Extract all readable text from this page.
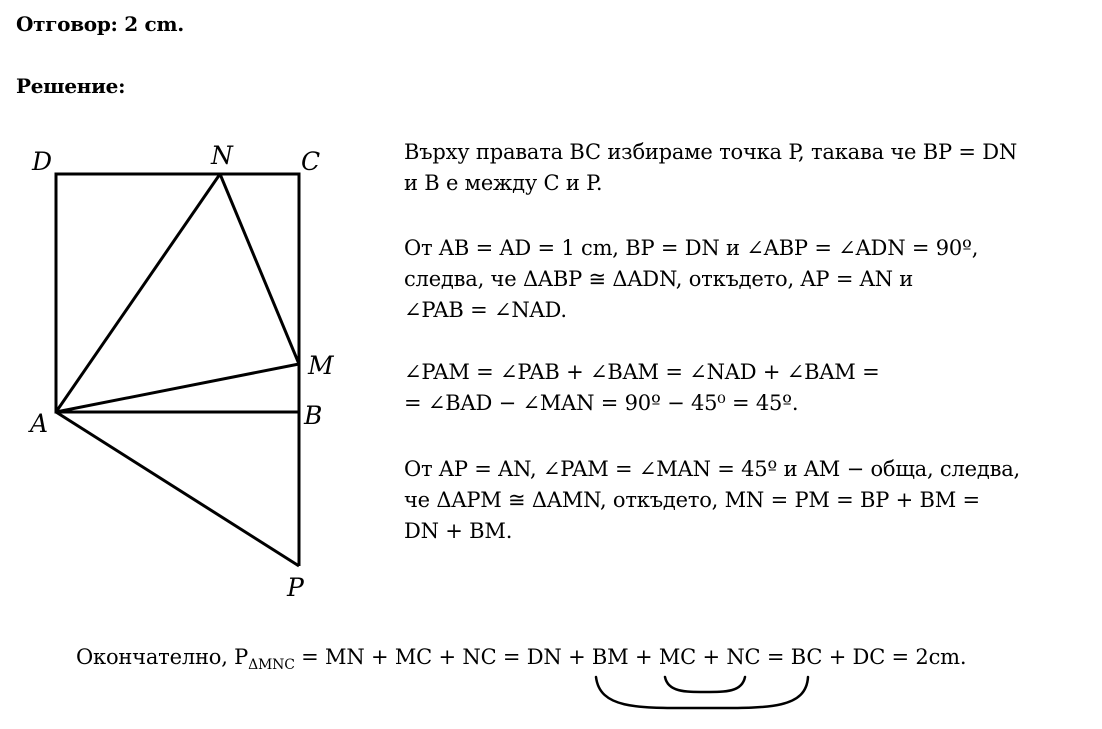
Отговор: 2 cm.

Решение:

D	N	C
M
A	B
P

Върху правата BC избираме точка P, такава че BP = DN
и B е между C и P.

От AB = AD = 1 cm, BP = DN и ∠ABP = ∠ADN = 90º,
следва, че ΔABP ≅ ΔADN, откъдето, AP = AN и
∠PAB = ∠NAD.

∠PAM = ∠PAB + ∠BAM = ∠NAD + ∠BAM =
= ∠BAD − ∠MAN = 90º − 45⁰ = 45º.

От AP = AN, ∠PAM = ∠MAN = 45º и AM − обща, следва,
че ΔAPM ≅ ΔAMN, откъдето, MN = PM = BP + BM =
DN + BM.

Окончателно, $P_{\Delta MNC}$ = MN + MC + NC = DN + BM + MC + NC = BC + DC = 2cm.
